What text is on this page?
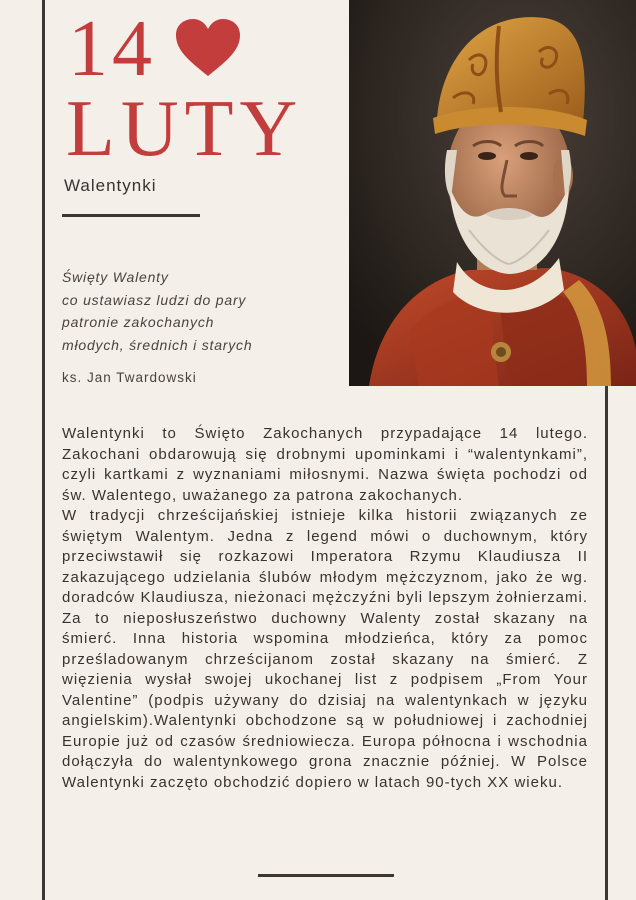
14
LUTY
Walentynki
Święty Walenty
co ustawiasz ludzi do pary
patronie zakochanych
młodych, średnich i starych
ks. Jan Twardowski

Walentynki to Święto Zakochanych przypadające 14 lutego. Zakochani obdarowują się drobnymi upominkami i “walentynkami”, czyli kartkami z wyznaniami miłosnymi. Nazwa święta pochodzi od św. Walentego, uważanego za patrona zakochanych.

W tradycji chrześcijańskiej istnieje kilka historii związanych ze świętym Walentym. Jedna z legend mówi o duchownym, który przeciwstawił się rozkazowi Imperatora Rzymu Klaudiusza II zakazującego udzielania ślubów młodym mężczyznom, jako że wg. doradców Klaudiusza, nieżonaci mężczyźni byli lepszym żołnierzami. Za to nieposłuszeństwo duchowny Walenty został skazany na śmierć. Inna historia wspomina młodzieńca, który za pomoc prześladowanym chrześcijanom został skazany na śmierć. Z więzienia wysłał swojej ukochanej list z podpisem „From Your Valentine” (podpis używany do dzisiaj na walentynkach w języku angielskim).Walentynki obchodzone są w południowej i zachodniej Europie już od czasów średniowiecza. Europa północna i wschodnia dołączyła do walentynkowego grona znacznie później. W Polsce Walentynki zaczęto obchodzić dopiero w latach 90-tych XX wieku.
